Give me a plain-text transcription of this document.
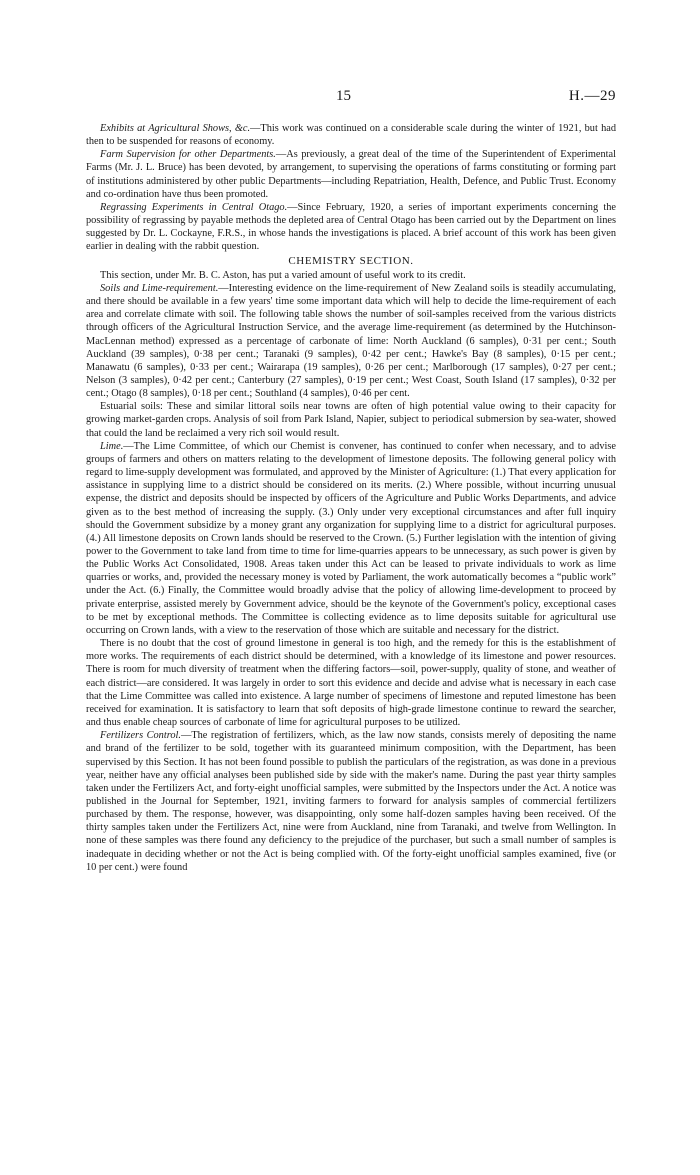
15	H.—29

Exhibits at Agricultural Shows, &c.—This work was continued on a considerable scale during the winter of 1921, but had then to be suspended for reasons of economy.

Farm Supervision for other Departments.—As previously, a great deal of the time of the Superintendent of Experimental Farms (Mr. J. L. Bruce) has been devoted, by arrangement, to supervising the operations of farms constituting or forming part of institutions administered by other public Departments—including Repatriation, Health, Defence, and Public Trust. Economy and co-ordination have thus been promoted.

Regrassing Experiments in Central Otago.—Since February, 1920, a series of important experiments concerning the possibility of regrassing by payable methods the depleted area of Central Otago has been carried out by the Department on lines suggested by Dr. L. Cockayne, F.R.S., in whose hands the investigations is placed. A brief account of this work has been given earlier in dealing with the rabbit question.

CHEMISTRY SECTION.

This section, under Mr. B. C. Aston, has put a varied amount of useful work to its credit.

Soils and Lime-requirement.—Interesting evidence on the lime-requirement of New Zealand soils is steadily accumulating, and there should be available in a few years' time some important data which will help to decide the lime-requirement of each area and correlate climate with soil. The following table shows the number of soil-samples received from the various districts through officers of the Agricultural Instruction Service, and the average lime-requirement (as determined by the Hutchinson-MacLennan method) expressed as a percentage of carbonate of lime: North Auckland (6 samples), 0·31 per cent.; South Auckland (39 samples), 0·38 per cent.; Taranaki (9 samples), 0·42 per cent.; Hawke's Bay (8 samples), 0·15 per cent.; Manawatu (6 samples), 0·33 per cent.; Wairarapa (19 samples), 0·26 per cent.; Marlborough (17 samples), 0·27 per cent.; Nelson (3 samples), 0·42 per cent.; Canterbury (27 samples), 0·19 per cent.; West Coast, South Island (17 samples), 0·32 per cent.; Otago (8 samples), 0·18 per cent.; Southland (4 samples), 0·46 per cent.

Estuarial soils: These and similar littoral soils near towns are often of high potential value owing to their capacity for growing market-garden crops. Analysis of soil from Park Island, Napier, subject to periodical submersion by sea-water, showed that could the land be reclaimed a very rich soil would result.

Lime.—The Lime Committee, of which our Chemist is convener, has continued to confer when necessary, and to advise groups of farmers and others on matters relating to the development of limestone deposits. The following general policy with regard to lime-supply development was formulated, and approved by the Minister of Agriculture: (1.) That every application for assistance in supplying lime to a district should be considered on its merits. (2.) Where possible, without incurring unusual expense, the district and deposits should be inspected by officers of the Agriculture and Public Works Departments, and advice given as to the best method of increasing the supply. (3.) Only under very exceptional circumstances and after full inquiry should the Government subsidize by a money grant any organization for supplying lime to a district for agricultural purposes. (4.) All limestone deposits on Crown lands should be reserved to the Crown. (5.) Further legislation with the intention of giving power to the Government to take land from time to time for lime-quarries appears to be unnecessary, as such power is given by the Public Works Act Consolidated, 1908. Areas taken under this Act can be leased to private individuals to work as lime quarries or works, and, provided the necessary money is voted by Parliament, the work automatically becomes a “public work” under the Act. (6.) Finally, the Committee would broadly advise that the policy of allowing lime-development to proceed by private enterprise, assisted merely by Government advice, should be the keynote of the Government's policy, exceptional cases to be met by exceptional methods. The Committee is collecting evidence as to lime deposits suitable for agricultural use occurring on Crown lands, with a view to the reservation of those which are suitable and necessary for the district.

There is no doubt that the cost of ground limestone in general is too high, and the remedy for this is the establishment of more works. The requirements of each district should be determined, with a knowledge of its limestone and power resources. There is room for much diversity of treatment when the differing factors—soil, power-supply, quality of stone, and weather of each district—are considered. It was largely in order to sort this evidence and decide and advise what is necessary in each case that the Lime Committee was called into existence. A large number of specimens of limestone and reputed limestone has been received for examination. It is satisfactory to learn that soft deposits of high-grade limestone continue to reward the searcher, and thus enable cheap sources of carbonate of lime for agricultural purposes to be utilized.

Fertilizers Control.—The registration of fertilizers, which, as the law now stands, consists merely of depositing the name and brand of the fertilizer to be sold, together with its guaranteed minimum composition, with the Department, has been supervised by this Section. It has not been found possible to publish the particulars of the registration, as was done in a previous year, neither have any official analyses been published side by side with the maker's name. During the past year thirty samples taken under the Fertilizers Act, and forty-eight unofficial samples, were submitted by the Inspectors under the Act. A notice was published in the Journal for September, 1921, inviting farmers to forward for analysis samples of commercial fertilizers purchased by them. The response, however, was disappointing, only some half-dozen samples having been received. Of the thirty samples taken under the Fertilizers Act, nine were from Auckland, nine from Taranaki, and twelve from Wellington. In none of these samples was there found any deficiency to the prejudice of the purchaser, but such a small number of samples is inadequate in deciding whether or not the Act is being complied with. Of the forty-eight unofficial samples examined, five (or 10 per cent.) were found
